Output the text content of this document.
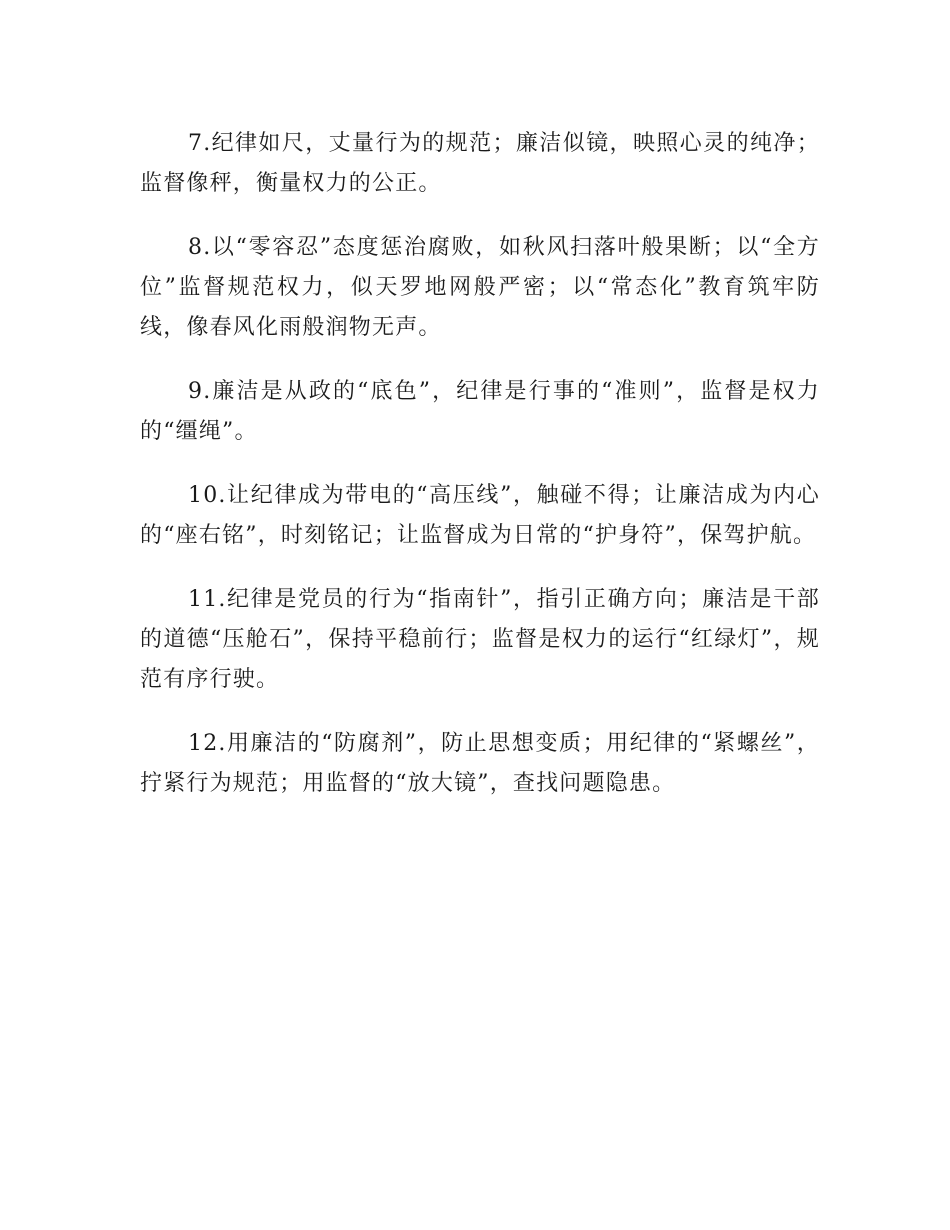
7.纪律如尺，丈量行为的规范；廉洁似镜，映照心灵的纯净；监督像秤，衡量权力的公正。

8.以“零容忍”态度惩治腐败，如秋风扫落叶般果断；以“全方位”监督规范权力，似天罗地网般严密；以“常态化”教育筑牢防线，像春风化雨般润物无声。

9.廉洁是从政的“底色”，纪律是行事的“准则”，监督是权力的“缰绳”。

10.让纪律成为带电的“高压线”，触碰不得；让廉洁成为内心的“座右铭”，时刻铭记；让监督成为日常的“护身符”，保驾护航。

11.纪律是党员的行为“指南针”，指引正确方向；廉洁是干部的道德“压舱石”，保持平稳前行；监督是权力的运行“红绿灯”，规范有序行驶。

12.用廉洁的“防腐剂”，防止思想变质；用纪律的“紧螺丝”，拧紧行为规范；用监督的“放大镜”，查找问题隐患。
